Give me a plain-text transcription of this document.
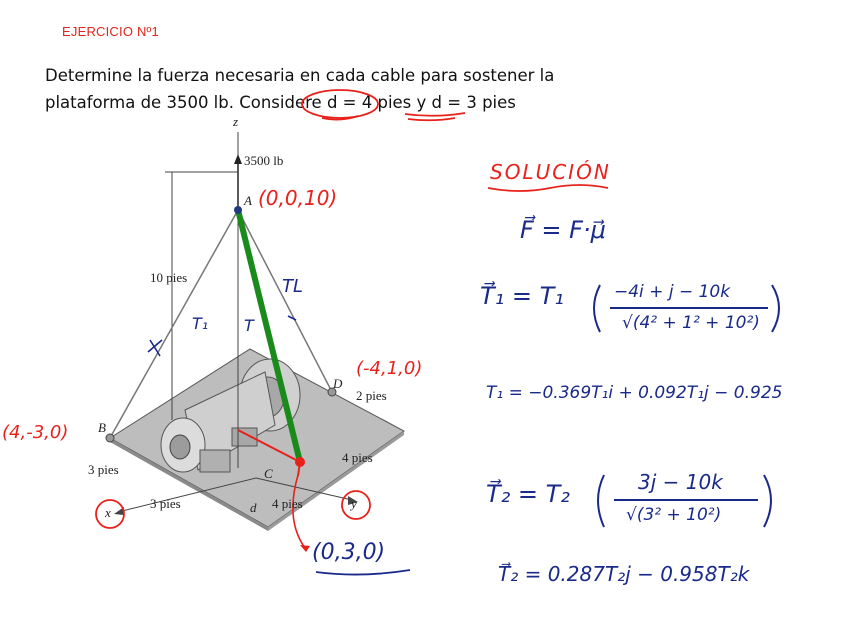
EJERCICIO Nº1
Determine la fuerza necesaria en cada cable para sostener la
plataforma de 3500 lb. Considere d = 4 pies y d = 3 pies
z
3500 lb
A
10 pies
B
D
2 pies
4 pies
C
3 pies
3 pies	4 pies
d
x
y
(0,0,10)
(-4,1,0)
(4,-3,0)
(0,3,0)
T₁
TL
T
SOLUCIÓN
F⃗ = F·μ⃗
T⃗₁ = T₁	−4i + j − 10k
√(4² + 1² + 10²)
T₁ = −0.369T₁i + 0.092T₁j − 0.925
T⃗₂ = T₂	3j − 10k
√(3² + 10²)
T⃗₂ = 0.287T₂j − 0.958T₂k
